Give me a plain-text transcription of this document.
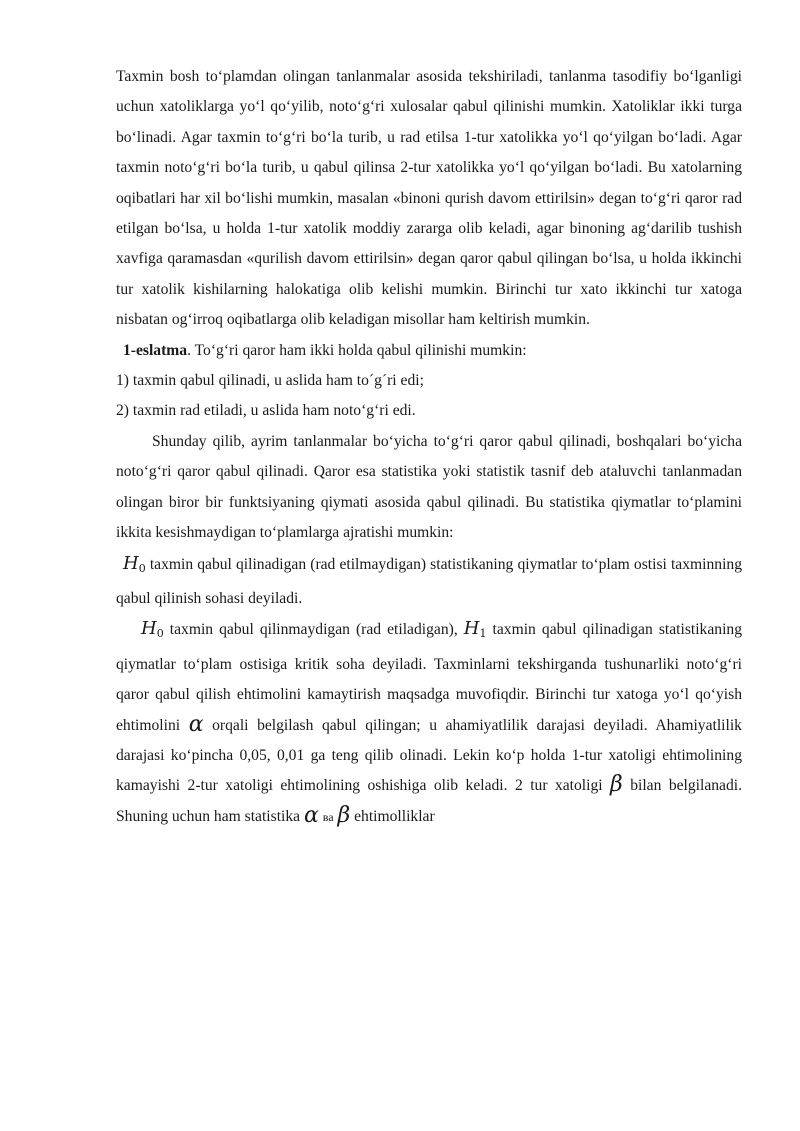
Taxmin bosh to‘plamdan olingan tanlanmalar asosida tekshiriladi, tanlanma tasodifiy bo‘lganligi uchun xatoliklarga yo‘l qo‘yilib, noto‘g‘ri xulosalar qabul qilinishi mumkin. Xatoliklar ikki turga bo‘linadi. Agar taxmin to‘g‘ri bo‘la turib, u rad etilsa 1-tur xatolikka yo‘l qo‘yilgan bo‘ladi. Agar taxmin noto‘g‘ri bo‘la turib, u qabul qilinsa 2-tur xatolikka yo‘l qo‘yilgan bo‘ladi. Bu xatolarning oqibatlari har xil bo‘lishi mumkin, masalan «binoni qurish davom ettirilsin» degan to‘g‘ri qaror rad etilgan bo‘lsa, u holda 1-tur xatolik moddiy zararga olib keladi, agar binoning ag‘darilib tushish xavfiga qaramasdan «qurilish davom ettirilsin» degan qaror qabul qilingan bo‘lsa, u holda ikkinchi tur xatolik kishilarning halokatiga olib kelishi mumkin. Birinchi tur xato ikkinchi tur xatoga nisbatan og‘irroq oqibatlarga olib keladigan misollar ham keltirish mumkin.

1-eslatma. To‘g‘ri qaror ham ikki holda qabul qilinishi mumkin:

1) taxmin qabul qilinadi, u aslida ham to´g´ri edi;

2) taxmin rad etiladi, u aslida ham noto‘g‘ri edi.

Shunday qilib, ayrim tanlanmalar bo‘yicha to‘g‘ri qaror qabul qilinadi, boshqalari bo‘yicha noto‘g‘ri qaror qabul qilinadi. Qaror esa statistika yoki statistik tasnif deb ataluvchi tanlanmadan olingan biror bir funktsiyaning qiymati asosida qabul qilinadi. Bu statistika qiymatlar to‘plamini ikkita kesishmaydigan to‘plamlarga ajratishi mumkin:

$H_0$ taxmin qabul qilinadigan (rad etilmaydigan) statistikaning qiymatlar to‘plam ostisi taxminning qabul qilinish sohasi deyiladi.

$H_0$ taxmin qabul qilinmaydigan (rad etiladigan), $H_1$ taxmin qabul qilinadigan statistikaning qiymatlar to‘plam ostisiga kritik soha deyiladi. Taxminlarni tekshirganda tushunarliki noto‘g‘ri qaror qabul qilish ehtimolini kamaytirish maqsadga muvofiqdir. Birinchi tur xatoga yo‘l qo‘yish ehtimolini α orqali belgilash qabul qilingan; u ahamiyatlilik darajasi deyiladi. Ahamiyatlilik darajasi ko‘pincha 0,05, 0,01 ga teng qilib olinadi. Lekin ko‘p holda 1-tur xatoligi ehtimolining kamayishi 2-tur xatoligi ehtimolining oshishiga olib keladi. 2 tur xatoligi β bilan belgilanadi. Shuning uchun ham statistika α ва β ehtimolliklar
